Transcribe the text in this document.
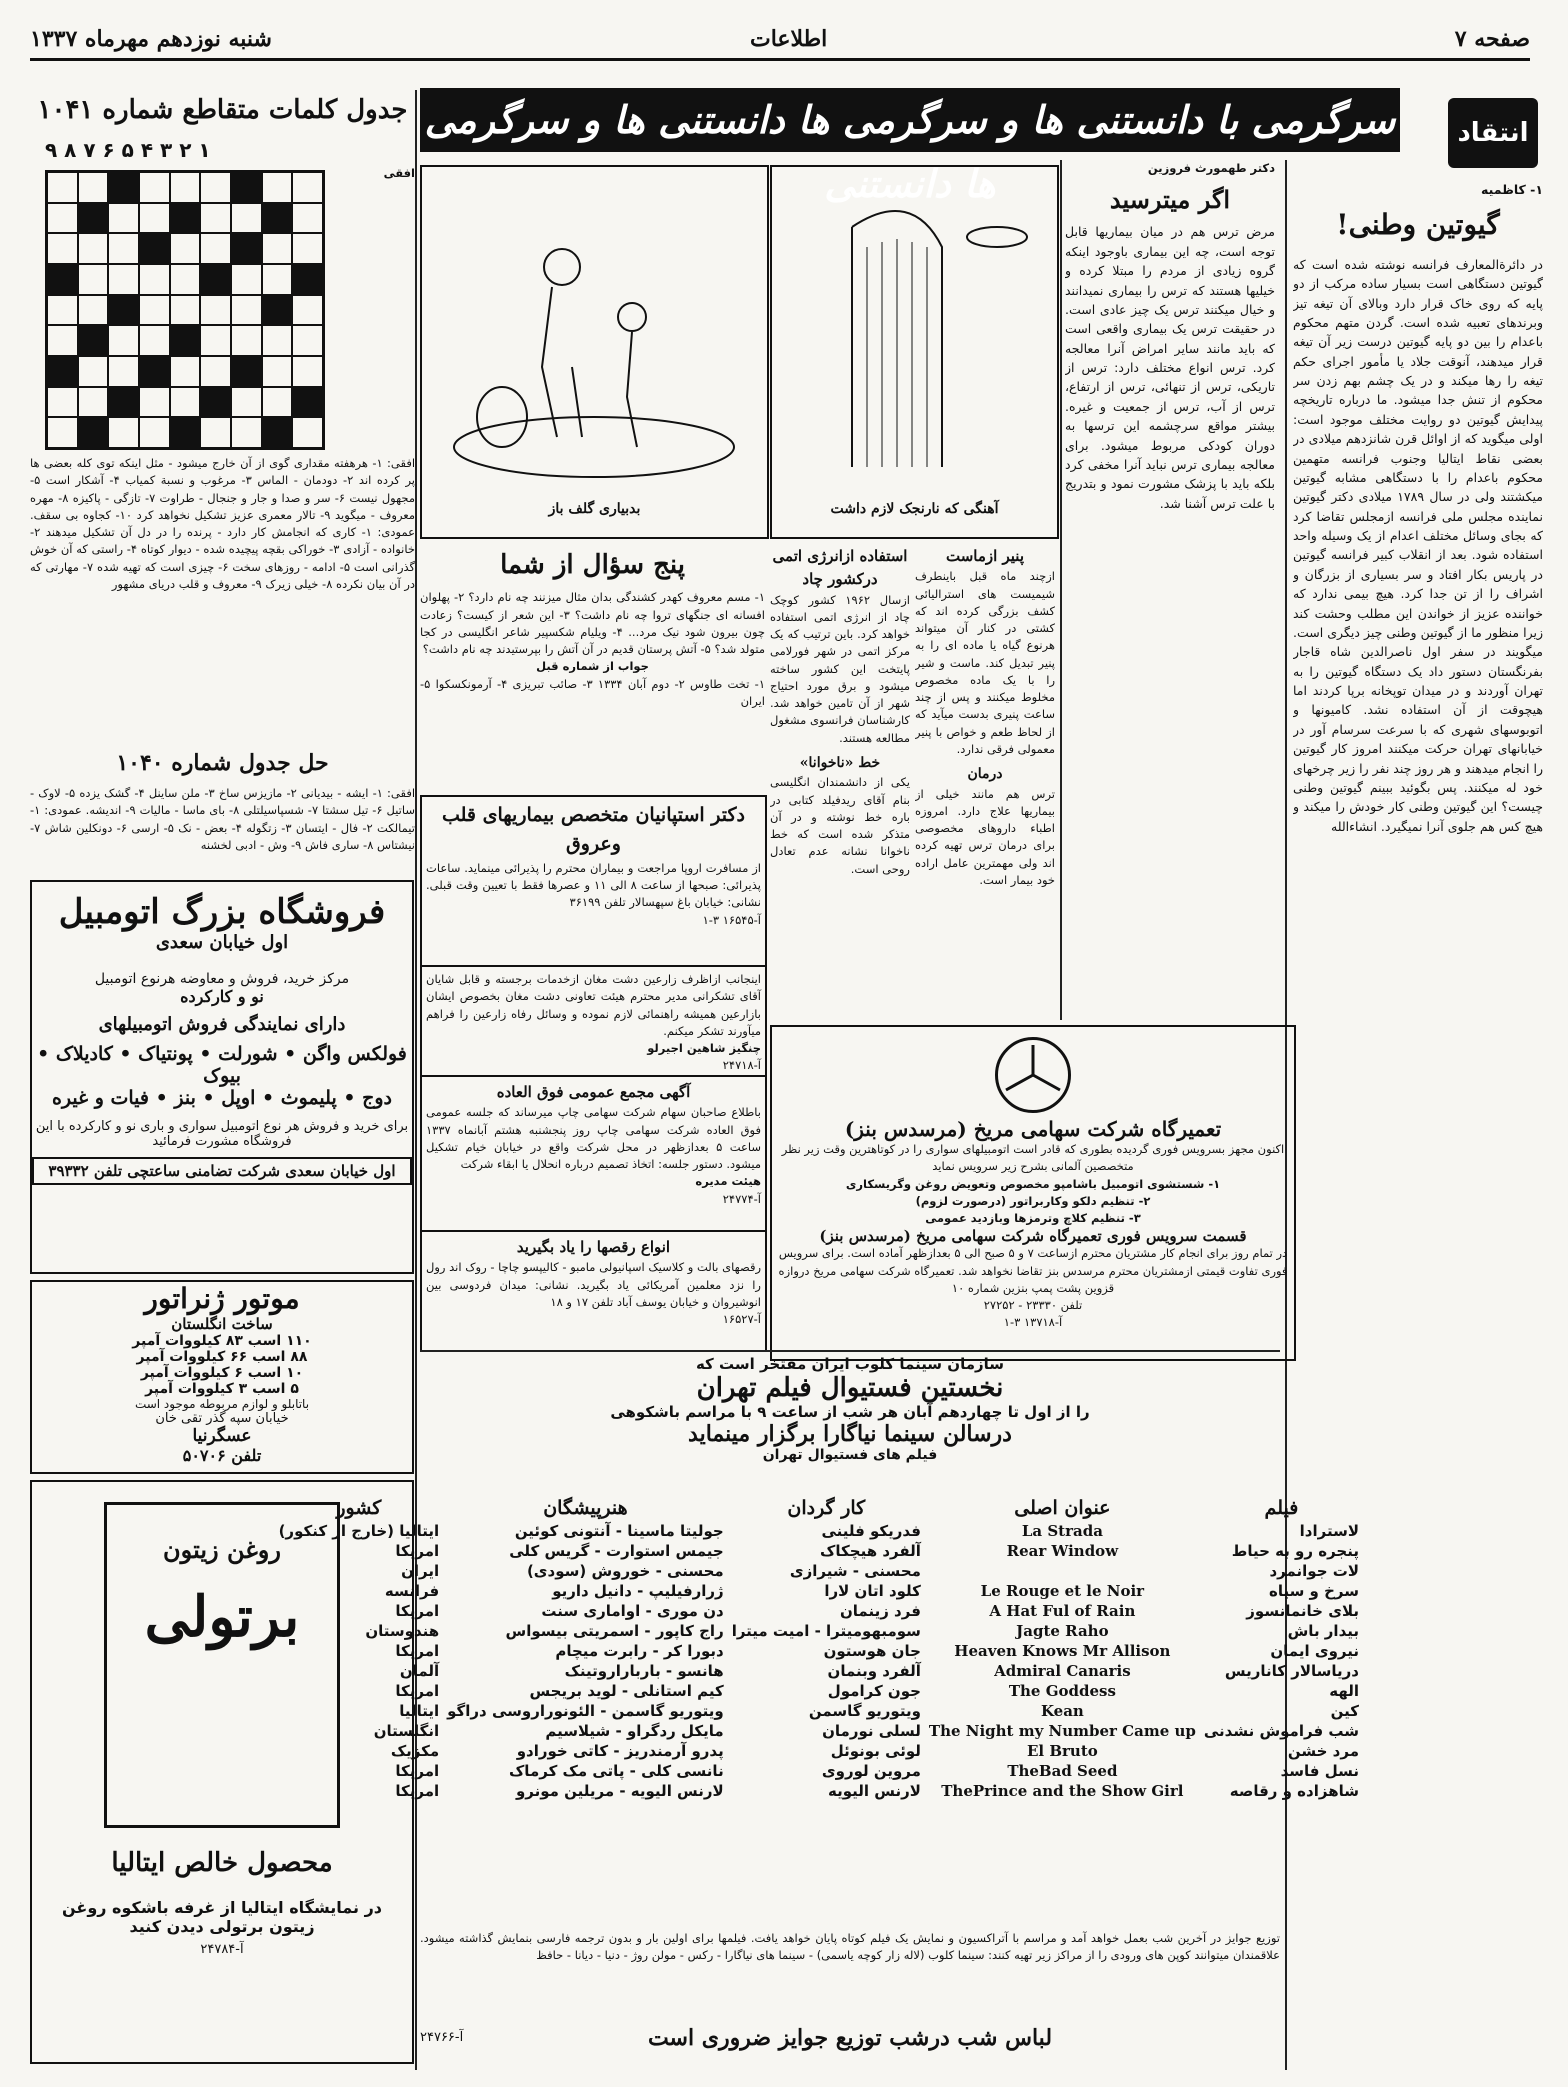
شنبه نوزدهم مهرماه ۱۳۳۷	اطلاعات	صفحه ۷
سرگرمی با دانستنی ها و سرگرمی ها دانستنی ها و سرگرمی ها دانستنی
انتقاد
۱- کاظمیه
گیوتین وطنی!
در دائرةالمعارف فرانسه نوشته شده است که گیوتین دستگاهی است بسیار ساده مرکب از دو پایه که روی خاک قرار دارد وبالای آن تیغه تیز وبرندهای تعبیه شده است. گردن متهم محکوم باعدام را بین دو پایه گیوتین درست زیر آن تیغه قرار میدهند، آنوقت جلاد یا مأمور اجرای حکم تیغه را رها میکند و در یک چشم بهم زدن سر محکوم از تنش جدا میشود. ما درباره تاریخچه پیدایش گیوتین دو روایت مختلف موجود است: اولی میگوید که از اوائل قرن شانزدهم میلادی در بعضی نقاط ایتالیا وجنوب فرانسه متهمین محکوم باعدام را با دستگاهی مشابه گیوتین میکشتند ولی در سال ۱۷۸۹ میلادی دکتر گیوتین نماینده مجلس ملی فرانسه ازمجلس تقاضا کرد که بجای وسائل مختلف اعدام از یک وسیله واحد استفاده شود. بعد از انقلاب کبیر فرانسه گیوتین در پاریس بکار افتاد و سر بسیاری از بزرگان و اشراف را از تن جدا کرد. هیچ بیمی ندارد که خواننده عزیز از خواندن این مطلب وحشت کند زیرا منظور ما از گیوتین وطنی چیز دیگری است. میگویند در سفر اول ناصرالدین شاه قاجار بفرنگستان دستور داد یک دستگاه گیوتین را به تهران آوردند و در میدان توپخانه برپا کردند اما هیچوقت از آن استفاده نشد. کامیونها و اتوبوسهای شهری که با سرعت سرسام آور در خیابانهای تهران حرکت میکنند امروز کار گیوتین را انجام میدهند و هر روز چند نفر را زیر چرخهای خود له میکنند. پس بگوئید ببینم گیوتین وطنی چیست؟ این گیوتین وطنی کار خودش را میکند و هیچ کس هم جلوی آنرا نمیگیرد. انشاءالله
دکتر طهمورث فروزین
اگر میترسید
مرض ترس هم در میان بیماریها قابل توجه است، چه این بیماری باوجود اینکه گروه زیادی از مردم را مبتلا کرده و خیلیها هستند که ترس را بیماری نمیدانند و خیال میکنند ترس یک چیز عادی است. در حقیقت ترس یک بیماری واقعی است که باید مانند سایر امراض آنرا معالجه کرد. ترس انواع مختلف دارد: ترس از تاریکی، ترس از تنهائی، ترس از ارتفاع، ترس از آب، ترس از جمعیت و غیره. بیشتر مواقع سرچشمه این ترسها به دوران کودکی مربوط میشود. برای معالجه بیماری ترس نباید آنرا مخفی کرد بلکه باید با پزشک مشورت نمود و بتدریج با علت ترس آشنا شد.
بدبیاری گلف باز	آهنگی که نارنجک لازم داشت
استفاده ازانرژی اتمی درکشور چاد
ازسال ۱۹۶۲ کشور کوچک چاد از انرژی اتمی استفاده خواهد کرد. باین ترتیب که یک مرکز اتمی در شهر فورلامی پایتخت این کشور ساخته میشود و برق مورد احتیاج شهر از آن تامین خواهد شد. کارشناسان فرانسوی مشغول مطالعه هستند.
خط «ناخوانا»
یکی از دانشمندان انگلیسی بنام آقای ریدفیلد کتابی در باره خط نوشته و در آن متذکر شده است که خط ناخوانا نشانه عدم تعادل روحی است.
پنیر ازماست
ازچند ماه قبل باینطرف شیمیست های استرالیائی کشف بزرگی کرده اند که کشتی در کنار آن میتواند هرنوع گیاه یا ماده ای را به پنیر تبدیل کند. ماست و شیر را با یک ماده مخصوص مخلوط میکنند و پس از چند ساعت پنیری بدست میآید که از لحاظ طعم و خواص با پنیر معمولی فرقی ندارد.
درمان
ترس هم مانند خیلی از بیماریها علاج دارد. امروزه اطباء داروهای مخصوصی برای درمان ترس تهیه کرده اند ولی مهمترین عامل اراده خود بیمار است.
پنج سؤال از شما
۱- مسم معروف کهدر کشندگی بدان مثال میزنند چه نام دارد؟ ۲- پهلوان افسانه ای جنگهای تروا چه نام داشت؟ ۳- این شعر از کیست؟ زعادت چون بیرون شود نیک مرد... ۴- ویلیام شکسپیر شاعر انگلیسی در کجا متولد شد؟ ۵- آتش پرستان قدیم در آن آتش را بپرستیدند چه نام داشت؟
جواب از شماره قبل
۱- تخت طاوس ۲- دوم آبان ۱۳۳۴ ۳- صائب تبریزی ۴- آرمونکسکوا ۵- ایران
دکتر استپانیان متخصص بیماریهای قلب وعروق
از مسافرت اروپا مراجعت و بیماران محترم را پذیرائی مینماید. ساعات پذیرائی: صبحها از ساعت ۸ الی ۱۱ و عصرها فقط با تعیین وقت قبلی. نشانی: خیابان باغ سپهسالار تلفن ۳۶۱۹۹
آ-۱۶۵۴۵ ۳-۱
اینجانب ازاظرف زارعین دشت مغان ازخدمات برجسته و قابل شایان آقای تشکرانی مدیر محترم هیئت تعاونی دشت مغان بخصوص ایشان بازارعین همیشه راهنمائی لازم نموده و وسائل رفاه زارعین را فراهم میآورند تشکر میکنم.
چنگیز شاهین اجیرلو
آ-۲۴۷۱۸
آگهی مجمع عمومی فوق العاده
باطلاع صاحبان سهام شرکت سهامی چاپ میرساند که جلسه عمومی فوق العاده شرکت سهامی چاپ روز پنجشنبه هشتم آبانماه ۱۳۳۷ ساعت ۵ بعدازظهر در محل شرکت واقع در خیابان خیام تشکیل میشود. دستور جلسه: اتخاذ تصمیم درباره انحلال یا ابقاء شرکت
هیئت مدیره
آ-۲۴۷۷۴
انواع رقصها را یاد بگیرید
رقصهای بالت و کلاسیک اسپانیولی مامبو - کالیپسو چاچا - روک اند رول را نزد معلمین آمریکائی یاد بگیرید. نشانی: میدان فردوسی بین انوشیروان و خیابان یوسف آباد تلفن ۱۷ و ۱۸
آ-۱۶۵۲۷
تعمیرگاه شرکت سهامی مریخ (مرسدس بنز)
اکنون مجهز بسرویس فوری گردیده بطوری که قادر است اتومبیلهای سواری را در کوتاهترین وقت زیر نظر متخصصین آلمانی بشرح زیر سرویس نماید
۱- شستشوی اتومبیل باشامپو مخصوص وتعویض روغن وگریسکاری
۲- تنظیم دلکو وکاربراتور (درصورت لزوم)
۳- تنظیم کلاچ وترمزها وبازدید عمومی
قسمت سرویس فوری تعمیرگاه شرکت سهامی مریخ (مرسدس بنز)
در تمام روز برای انجام کار مشتریان محترم ازساعت ۷ و ۵ صبح الی ۵ بعدازظهر آماده است. برای سرویس فوری تفاوت قیمتی ازمشتریان محترم مرسدس بنز تقاضا نخواهد شد. تعمیرگاه شرکت سهامی مریخ دروازه قزوین پشت پمپ بنزین شماره ۱۰
تلفن ۲۳۳۳۰ - ۲۷۲۵۲
آ-۱۳۷۱۸ ۳-۱
جدول کلمات متقاطع شماره ۱۰۴۱
۹ ۸ ۷ ۶ ۵ ۴ ۳ ۲ ۱
افقی: ۱- هرهفته مقداری گوی از آن خارج میشود - مثل اینکه توی کله بعضی ها پر کرده اند ۲- دودمان - الماس ۳- مرغوب و نسبة کمیاب ۴- آشکار است ۵- مجهول نیست ۶- سر و صدا و جار و جنجال - طراوت ۷- تازگی - پاکیزه ۸- مهره معروف - میگوید ۹- تالار معمری عزیز تشکیل نخواهد کرد ۱۰- کجاوه بی سقف. عمودی: ۱- کاری که انجامش کار دارد - پرنده را در دل آن تشکیل میدهند ۲- خانواده - آزادی ۳- خوراکی بقچه پیچیده شده - دیوار کوتاه ۴- راستی که آن خوش گذرانی است ۵- ادامه - روزهای سخت ۶- چیزی است که تهیه شده ۷- مهارتی که در آن بیان نکرده ۸- خیلی زیرک ۹- معروف و قلب دریای مشهور
افقی
حل جدول شماره ۱۰۴۰
افقی: ۱- ایشه - بیدیانی ۲- مازیزس ساخ ۳- ملن ساینل ۴- گشک یزده ۵- لاوک - ساتیل ۶- تیل سشتا ۷- شسپاسیلتلی ۸- بای ماسا - مالیات ۹- اندیشه. عمودی: ۱- تیمالکت ۲- فال - ایتسان ۳- زتگوله ۴- بعض - نک ۵- ارسی ۶- دونکلین شاش ۷- نیشتاس ۸- ساری فاش ۹- وش - ادبی لخشنه
فروشگاه بزرگ اتومبیل
اول خیابان سعدی
مرکز خرید، فروش و معاوضه هرنوع اتومبیل
نو و کارکرده
دارای نمایندگی فروش اتومبیلهای
فولکس واگن • شورلت • پونتیاک • کادیلاک • بیوک
دوج • پلیموث • اوپل • بنز • فیات و غیره
برای خرید و فروش هر نوع اتومبیل سواری و باری نو و کارکرده با این فروشگاه مشورت فرمائید
اول خیابان سعدی شرکت تضامنی ساعتچی تلفن ۳۹۳۳۲
موتور ژنراتور
ساخت انگلستان
۱۱۰ اسب ۸۳ کیلووات آمپر
۸۸ اسب ۶۶ کیلووات آمپر
۱۰ اسب ۶ کیلووات آمپر
۵ اسب ۳ کیلووات آمپر
باتابلو و لوازم مربوطه موجود است
خیابان سپه گذر تقی خان
عسگرنیا
تلفن ۵۰۷۰۶
روغن زیتون
برتولی
محصول خالص ایتالیا
در نمایشگاه ایتالیا از غرفه باشکوه روغن زیتون برتولی دیدن کنید
آ-۲۴۷۸۴
سازمان سینما کلوب ایران مفتخر است که
نخستین فستیوال فیلم تهران
را از اول تا چهاردهم آبان هر شب از ساعت ۹ با مراسم باشکوهی
درسالن سینما نیاگارا برگزار مینماید
فیلم های فستیوال تهران
فیلم	عنوان اصلی	کار گردان	هنرپیشگان	کشور
لاسترادا	La Strada	فدریکو فلینی	جولیتا ماسینا - آنتونی کوئین	ایتالیا (خارج از کنکور)
پنجره رو به حیاط	Rear Window	آلفرد هیچکاک	جیمس استوارت - گریس کلی	امریکا
لات جوانمرد		محسنی - شیرازی	محسنی - خوروش (سودی)	ایران
سرخ و سیاه	Le Rouge et le Noir	کلود اتان لارا	ژرارفیلیپ - دانیل داریو	فرانسه
بلای خانمانسوز	A Hat Ful of Rain	فرد زینمان	دن موری - اواماری سنت	امریکا
بیدار باش	Jagte Raho	سومبهومیترا - امیت میترا	راج کاپور - اسمریتی بیسواس	هندوستان
نیروی ایمان	Heaven Knows Mr Allison	جان هوستون	دبورا کر - رابرت میچام	امریکا
دریاسالار کاناریس	Admiral Canaris	آلفرد وبنمان	هانسو - بارباراروتینک	آلمان
الهه	The Goddess	جون کرامول	کیم استانلی - لوید بریجس	امریکا
کین	Kean	ویتوریو گاسمن	ویتوریو گاسمن - الئونوراروسی دراگو	ایتالیا
شب فراموش نشدنی	The Night my Number Came up	لسلی نورمان	مایکل ردگراو - شیلاسیم	انگلستان
مرد خشن	El Bruto	لوئی بونوئل	پدرو آرمندریز - کاتی خورادو	مکزیک
نسل فاسد	TheBad Seed	مروین لوروی	نانسی کلی - پاتی مک کرماک	امریکا
شاهزاده و رقاصه	ThePrince and the Show Girl	لارنس الیویه	لارنس الیویه - مریلین مونرو	امریکا
توزیع جوایز در آخرین شب بعمل خواهد آمد و مراسم با آتراکسیون و نمایش یک فیلم کوتاه پایان خواهد یافت. فیلمها برای اولین بار و بدون ترجمه فارسی بنمایش گذاشته میشود. علاقمندان میتوانند کوپن های ورودی را از مراکز زیر تهیه کنند: سینما کلوب (لاله زار کوچه یاسمی) - سینما های نیاگارا - رکس - مولن روژ - دنیا - دیانا - حافظ
لباس شب درشب توزیع جوایز ضروری است
آ-۲۴۷۶۶
